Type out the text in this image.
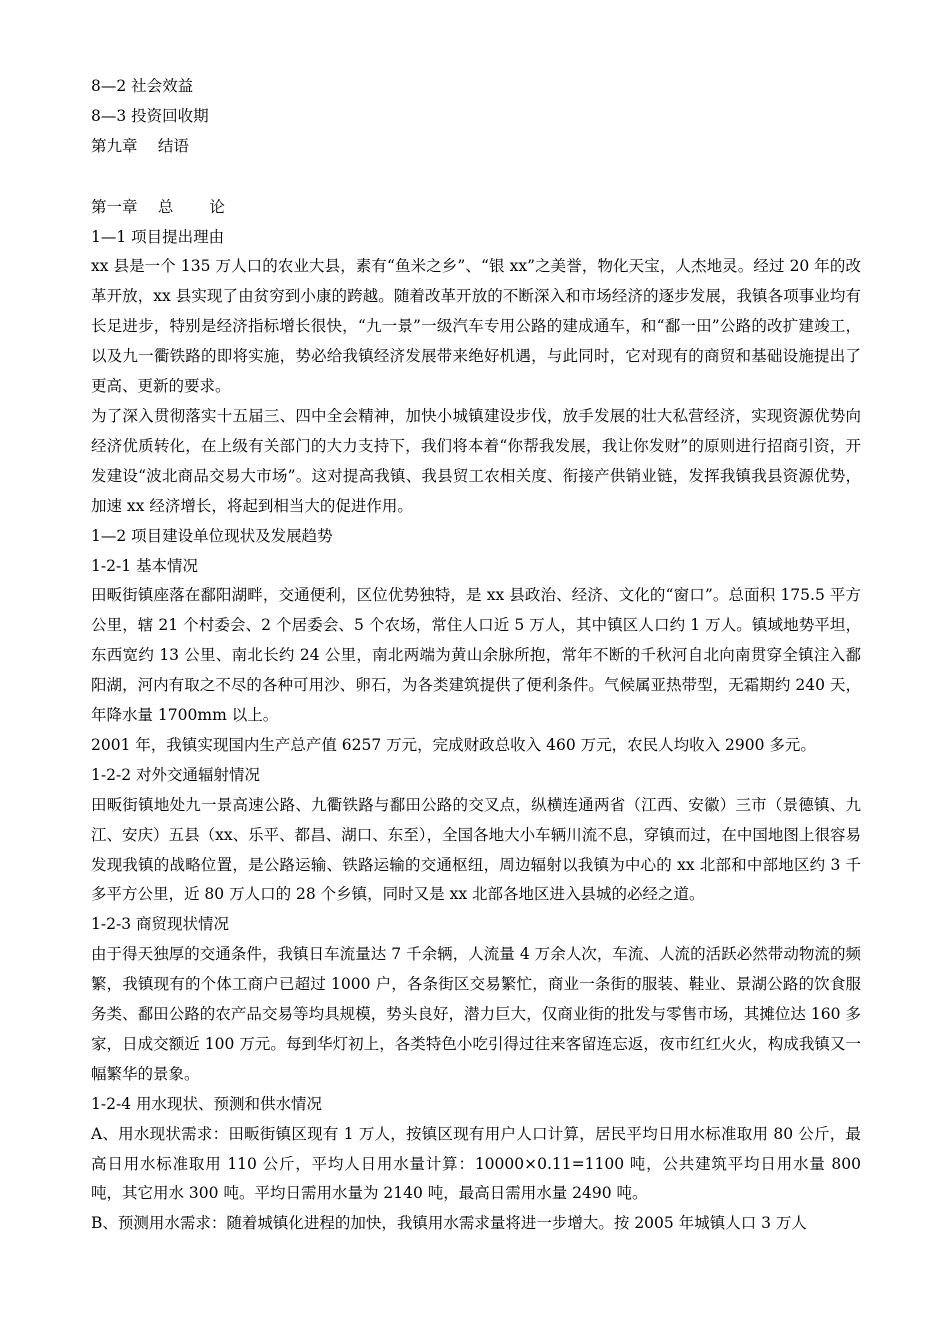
8—2 社会效益
8—3 投资回收期
第九章　 结语
第一章　 总　　 论
1—1 项目提出理由
xx 县是一个 135 万人口的农业大县，素有“鱼米之乡”、“银 xx”之美誉，物化天宝，人杰地灵。经过 20 年的改革开放，xx 县实现了由贫穷到小康的跨越。随着改革开放的不断深入和市场经济的逐步发展，我镇各项事业均有长足进步，特别是经济指标增长很快，“九一景”一级汽车专用公路的建成通车，和“鄱一田”公路的改扩建竣工，以及九一衢铁路的即将实施，势必给我镇经济发展带来绝好机遇，与此同时，它对现有的商贸和基础设施提出了更高、更新的要求。
为了深入贯彻落实十五届三、四中全会精神，加快小城镇建设步伐，放手发展的壮大私营经济，实现资源优势向经济优质转化，在上级有关部门的大力支持下，我们将本着“你帮我发展，我让你发财”的原则进行招商引资，开发建设“波北商品交易大市场”。这对提高我镇、我县贸工农相关度、衔接产供销业链，发挥我镇我县资源优势，加速 xx 经济增长，将起到相当大的促进作用。
1—2 项目建设单位现状及发展趋势
1-2-1 基本情况
田畈街镇座落在鄱阳湖畔，交通便利，区位优势独特，是 xx 县政治、经济、文化的“窗口”。总面积 175.5 平方公里，辖 21 个村委会、2 个居委会、5 个农场，常住人口近 5 万人，其中镇区人口约 1 万人。镇域地势平坦，东西宽约 13 公里、南北长约 24 公里，南北两端为黄山余脉所抱，常年不断的千秋河自北向南贯穿全镇注入鄱阳湖，河内有取之不尽的各种可用沙、卵石，为各类建筑提供了便利条件。气候属亚热带型，无霜期约 240 天，年降水量 1700mm 以上。
2001 年，我镇实现国内生产总产值 6257 万元，完成财政总收入 460 万元，农民人均收入 2900 多元。
1-2-2 对外交通辐射情况
田畈街镇地处九一景高速公路、九衢铁路与鄱田公路的交叉点，纵横连通两省（江西、安徽）三市（景德镇、九江、安庆）五县（xx、乐平、都昌、湖口、东至），全国各地大小车辆川流不息，穿镇而过，在中国地图上很容易发现我镇的战略位置，是公路运输、铁路运输的交通枢纽，周边辐射以我镇为中心的 xx 北部和中部地区约 3 千多平方公里，近 80 万人口的 28 个乡镇，同时又是 xx 北部各地区进入县城的必经之道。
1-2-3 商贸现状情况
由于得天独厚的交通条件，我镇日车流量达 7 千余辆，人流量 4 万余人次，车流、人流的活跃必然带动物流的频繁，我镇现有的个体工商户已超过 1000 户，各条街区交易繁忙，商业一条街的服装、鞋业、景湖公路的饮食服务类、鄱田公路的农产品交易等均具规模，势头良好，潜力巨大，仅商业街的批发与零售市场，其摊位达 160 多家，日成交额近 100 万元。每到华灯初上，各类特色小吃引得过往来客留连忘返，夜市红红火火，构成我镇又一幅繁华的景象。
1-2-4 用水现状、预测和供水情况
A、用水现状需求：田畈街镇区现有 1 万人，按镇区现有用户人口计算，居民平均日用水标准取用 80 公斤，最高日用水标准取用 110 公斤，平均人日用水量计算：10000×0.11=1100 吨，公共建筑平均日用水量 800 吨，其它用水 300 吨。平均日需用水量为 2140 吨，最高日需用水量 2490 吨。
B、预测用水需求：随着城镇化进程的加快，我镇用水需求量将进一步增大。按 2005 年城镇人口 3 万人
